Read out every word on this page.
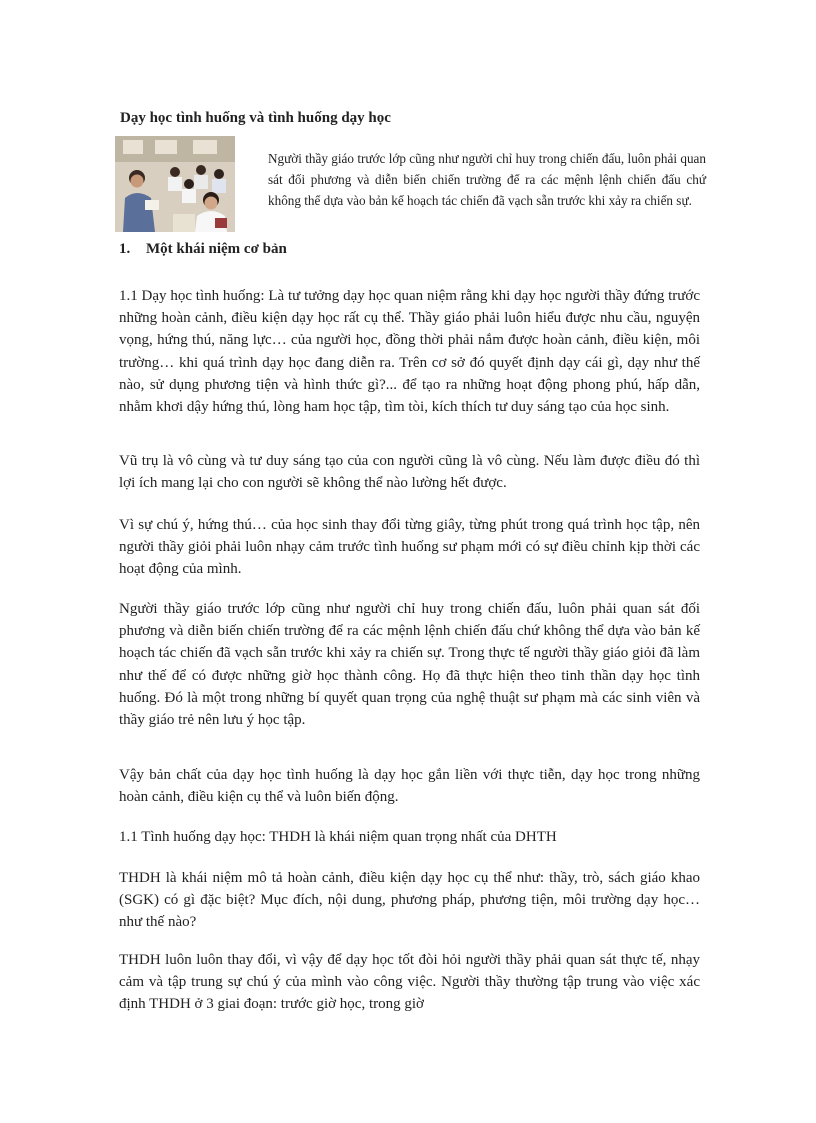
Dạy học tình huống và tình huống dạy học

Người thầy giáo trước lớp cũng như người chỉ huy trong chiến đấu, luôn phải quan sát đối phương và diễn biến chiến trường để ra các mệnh lệnh chiến đấu chứ không thể dựa vào bản kế hoạch tác chiến đã vạch sẵn trước khi xảy ra chiến sự.

1. Một khái niệm cơ bản

1.1 Dạy học tình huống: Là tư tưởng dạy học quan niệm rằng khi dạy học người thầy đứng trước những hoàn cảnh, điều kiện dạy học rất cụ thể. Thầy giáo phải luôn hiểu được nhu cầu, nguyện vọng, hứng thú, năng lực… của người học, đồng thời phải nắm được hoàn cảnh, điều kiện, môi trường… khi quá trình dạy học đang diễn ra. Trên cơ sở đó quyết định dạy cái gì, dạy như thế nào, sử dụng phương tiện và hình thức gì?... để tạo ra những hoạt động phong phú, hấp dẫn, nhằm khơi dậy hứng thú, lòng ham học tập, tìm tòi, kích thích tư duy sáng tạo của học sinh.

Vũ trụ là vô cùng và tư duy sáng tạo của con người cũng là vô cùng. Nếu làm được điều đó thì lợi ích mang lại cho con người sẽ không thể nào lường hết được.

Vì sự chú ý, hứng thú… của học sinh thay đổi từng giây, từng phút trong quá trình học tập, nên người thầy giỏi phải luôn nhạy cảm trước tình huống sư phạm mới có sự điều chỉnh kịp thời các hoạt động của mình.

Người thầy giáo trước lớp cũng như người chỉ huy trong chiến đấu, luôn phải quan sát đối phương và diễn biến chiến trường để ra các mệnh lệnh chiến đấu chứ không thể dựa vào bản kế hoạch tác chiến đã vạch sẵn trước khi xảy ra chiến sự. Trong thực tế người thầy giáo giỏi đã làm như thế để có được những giờ học thành công. Họ đã thực hiện theo tinh thần dạy học tình huống. Đó là một trong những bí quyết quan trọng của nghệ thuật sư phạm mà các sinh viên và thầy giáo trẻ nên lưu ý học tập.

Vậy bản chất của dạy học tình huống là dạy học gắn liền với thực tiễn, dạy học trong những hoàn cảnh, điều kiện cụ thể và luôn biến động.

1.1 Tình huống dạy học: THDH là khái niệm quan trọng nhất của DHTH

THDH là khái niệm mô tả hoàn cảnh, điều kiện dạy học cụ thể như: thầy, trò, sách giáo khao (SGK) có gì đặc biệt? Mục đích, nội dung, phương pháp, phương tiện, môi trường dạy học… như thế nào?

THDH luôn luôn thay đổi, vì vậy để dạy học tốt đòi hỏi người thầy phải quan sát thực tế, nhạy cảm và tập trung sự chú ý của mình vào công việc. Người thầy thường tập trung vào việc xác định THDH ở 3 giai đoạn: trước giờ học, trong giờ
